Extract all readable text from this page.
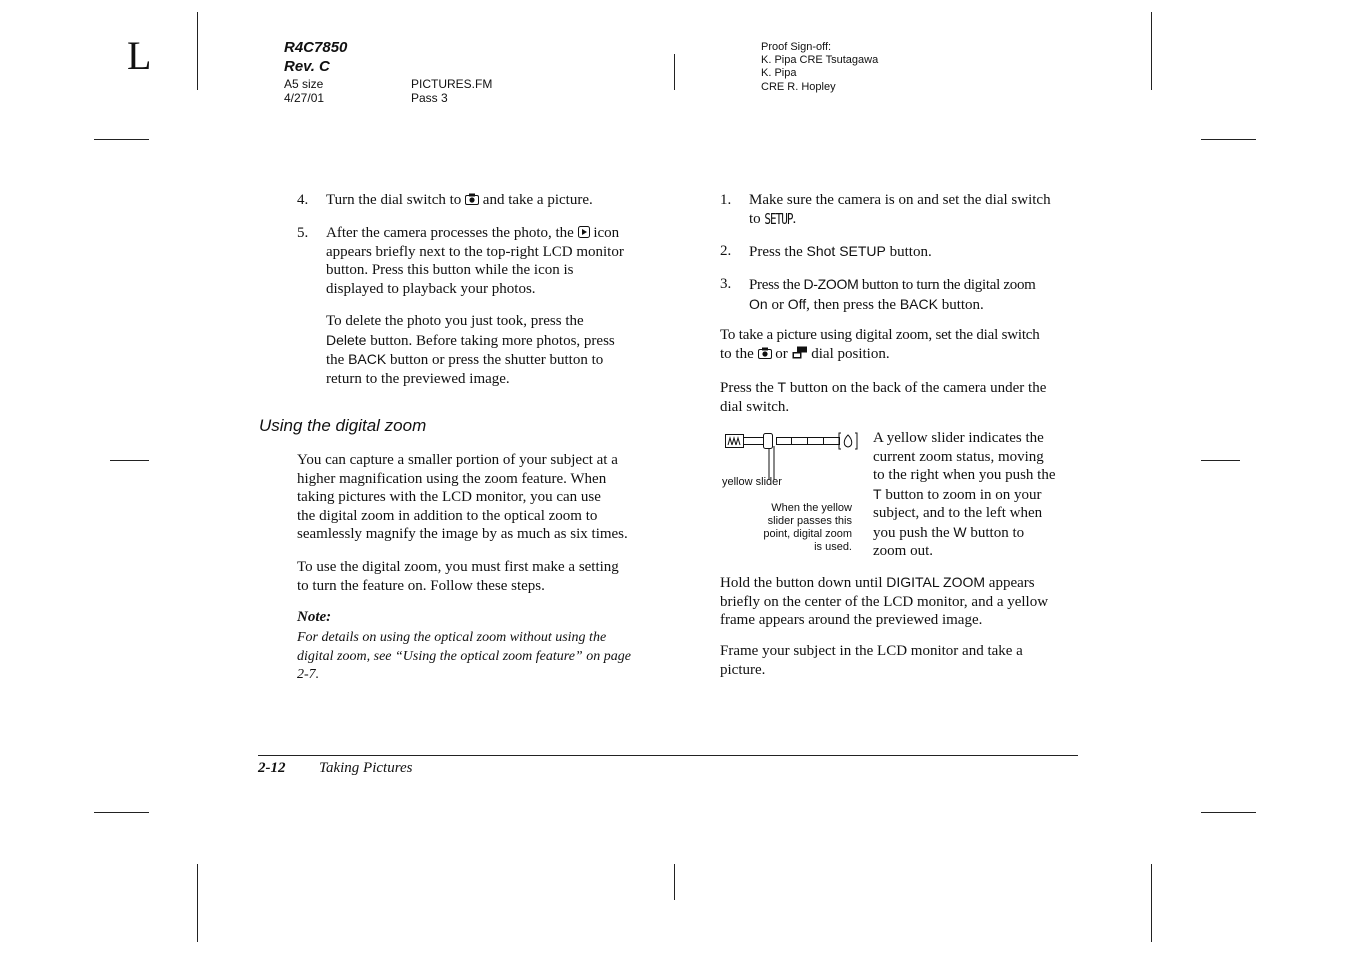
L	R4C7850
Rev. C
A5 size
4/27/01
PICTURES.FM
Pass 3
Proof Sign-off:
K. Pipa CRE Tsutagawa
K. Pipa
CRE R. Hopley
4. Turn the dial switch to and take a picture.
5. After the camera processes the photo, the icon
appears briefly next to the top-right LCD monitor
button. Press this button while the icon is
displayed to playback your photos.
To delete the photo you just took, press the
Delete button. Before taking more photos, press
the BACK button or press the shutter button to
return to the previewed image.
Using the digital zoom
You can capture a smaller portion of your subject at a
higher magnification using the zoom feature. When
taking pictures with the LCD monitor, you can use
the digital zoom in addition to the optical zoom to
seamlessly magnify the image by as much as six times.
To use the digital zoom, you must first make a setting
to turn the feature on. Follow these steps.
Note:
For details on using the optical zoom without using the
digital zoom, see “Using the optical zoom feature” on page
2-7.
1. Make sure the camera is on and set the dial switch
to SETUP.
2. Press the Shot SETUP button.
3. Press the D-ZOOM button to turn the digital zoom
On or Off, then press the BACK button.
To take a picture using digital zoom, set the dial switch
to the or dial position.
Press the T button on the back of the camera under the
dial switch.
yellow slider
When the yellow
slider passes this
point, digital zoom
is used.
A yellow slider indicates the
current zoom status, moving
to the right when you push the
T button to zoom in on your
subject, and to the left when
you push the W button to
zoom out.
Hold the button down until DIGITAL ZOOM appears
briefly on the center of the LCD monitor, and a yellow
frame appears around the previewed image.
Frame your subject in the LCD monitor and take a
picture.
2-12 Taking Pictures
